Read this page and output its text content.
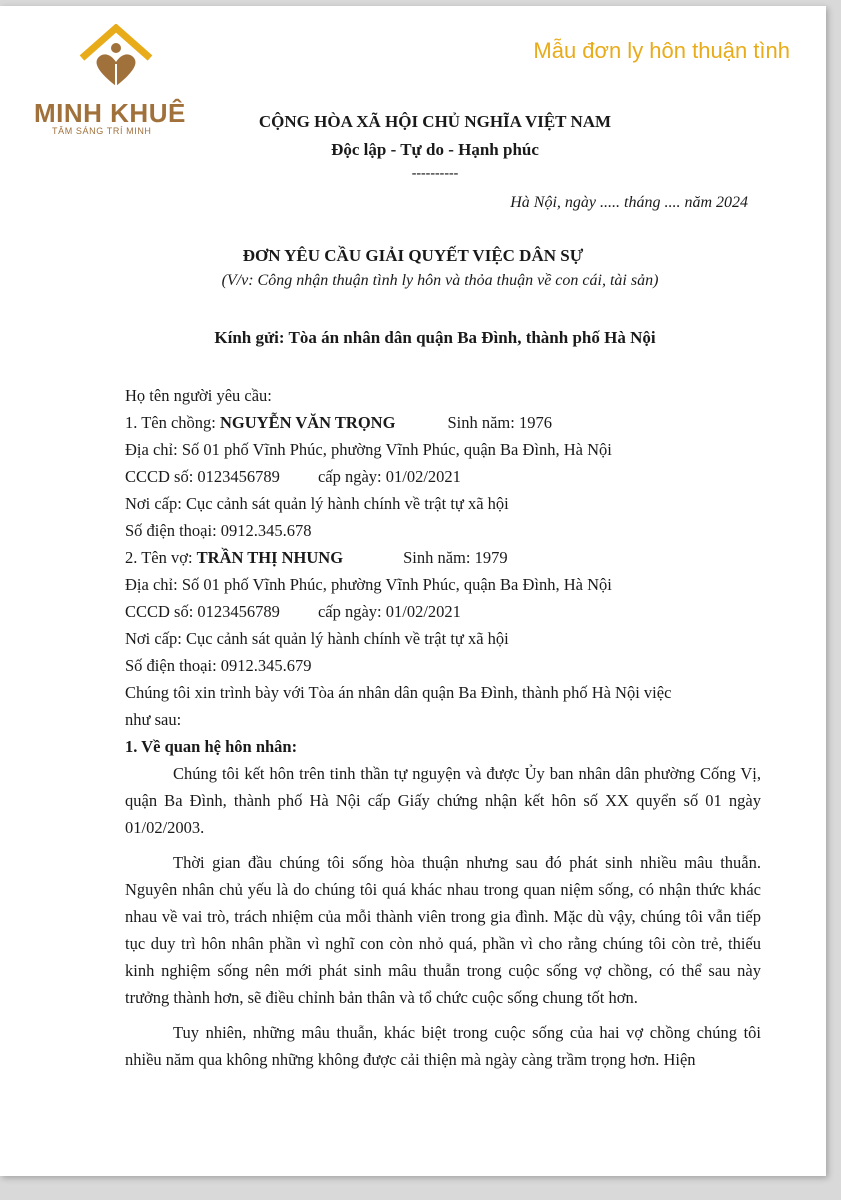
MINH KHUÊ
TÂM SÁNG TRÍ MINH
Mẫu đơn ly hôn thuận tình
CỘNG HÒA XÃ HỘI CHỦ NGHĨA VIỆT NAM
Độc lập - Tự do - Hạnh phúc
----------
Hà Nội, ngày ..... tháng .... năm 2024
ĐƠN YÊU CẦU GIẢI QUYẾT VIỆC DÂN SỰ
(V/v: Công nhận thuận tình ly hôn và thỏa thuận về con cái, tài sản)
Kính gửi: Tòa án nhân dân quận Ba Đình, thành phố Hà Nội
Họ tên người yêu cầu:
1. Tên chồng: NGUYỄN VĂN TRỌNG	Sinh năm: 1976
Địa chỉ: Số 01 phố Vĩnh Phúc, phường Vĩnh Phúc, quận Ba Đình, Hà Nội
CCCD số: 0123456789 cấp ngày: 01/02/2021
Nơi cấp: Cục cảnh sát quản lý hành chính về trật tự xã hội
Số điện thoại: 0912.345.678
2. Tên vợ: TRẦN THỊ NHUNG	Sinh năm: 1979
Địa chỉ: Số 01 phố Vĩnh Phúc, phường Vĩnh Phúc, quận Ba Đình, Hà Nội
CCCD số: 0123456789 cấp ngày: 01/02/2021
Nơi cấp: Cục cảnh sát quản lý hành chính về trật tự xã hội
Số điện thoại: 0912.345.679
Chúng tôi xin trình bày với Tòa án nhân dân quận Ba Đình, thành phố Hà Nội việc
như sau:
1. Về quan hệ hôn nhân:
Chúng tôi kết hôn trên tinh thần tự nguyện và được Ủy ban nhân dân phường Cống Vị, quận Ba Đình, thành phố Hà Nội cấp Giấy chứng nhận kết hôn số XX quyển số 01 ngày 01/02/2003.
Thời gian đầu chúng tôi sống hòa thuận nhưng sau đó phát sinh nhiều mâu thuẫn. Nguyên nhân chủ yếu là do chúng tôi quá khác nhau trong quan niệm sống, có nhận thức khác nhau về vai trò, trách nhiệm của mỗi thành viên trong gia đình. Mặc dù vậy, chúng tôi vẫn tiếp tục duy trì hôn nhân phần vì nghĩ con còn nhỏ quá, phần vì cho rằng chúng tôi còn trẻ, thiếu kinh nghiệm sống nên mới phát sinh mâu thuẫn trong cuộc sống vợ chồng, có thể sau này trưởng thành hơn, sẽ điều chỉnh bản thân và tổ chức cuộc sống chung tốt hơn.
Tuy nhiên, những mâu thuẫn, khác biệt trong cuộc sống của hai vợ chồng chúng tôi nhiều năm qua không những không được cải thiện mà ngày càng trầm trọng hơn. Hiện
